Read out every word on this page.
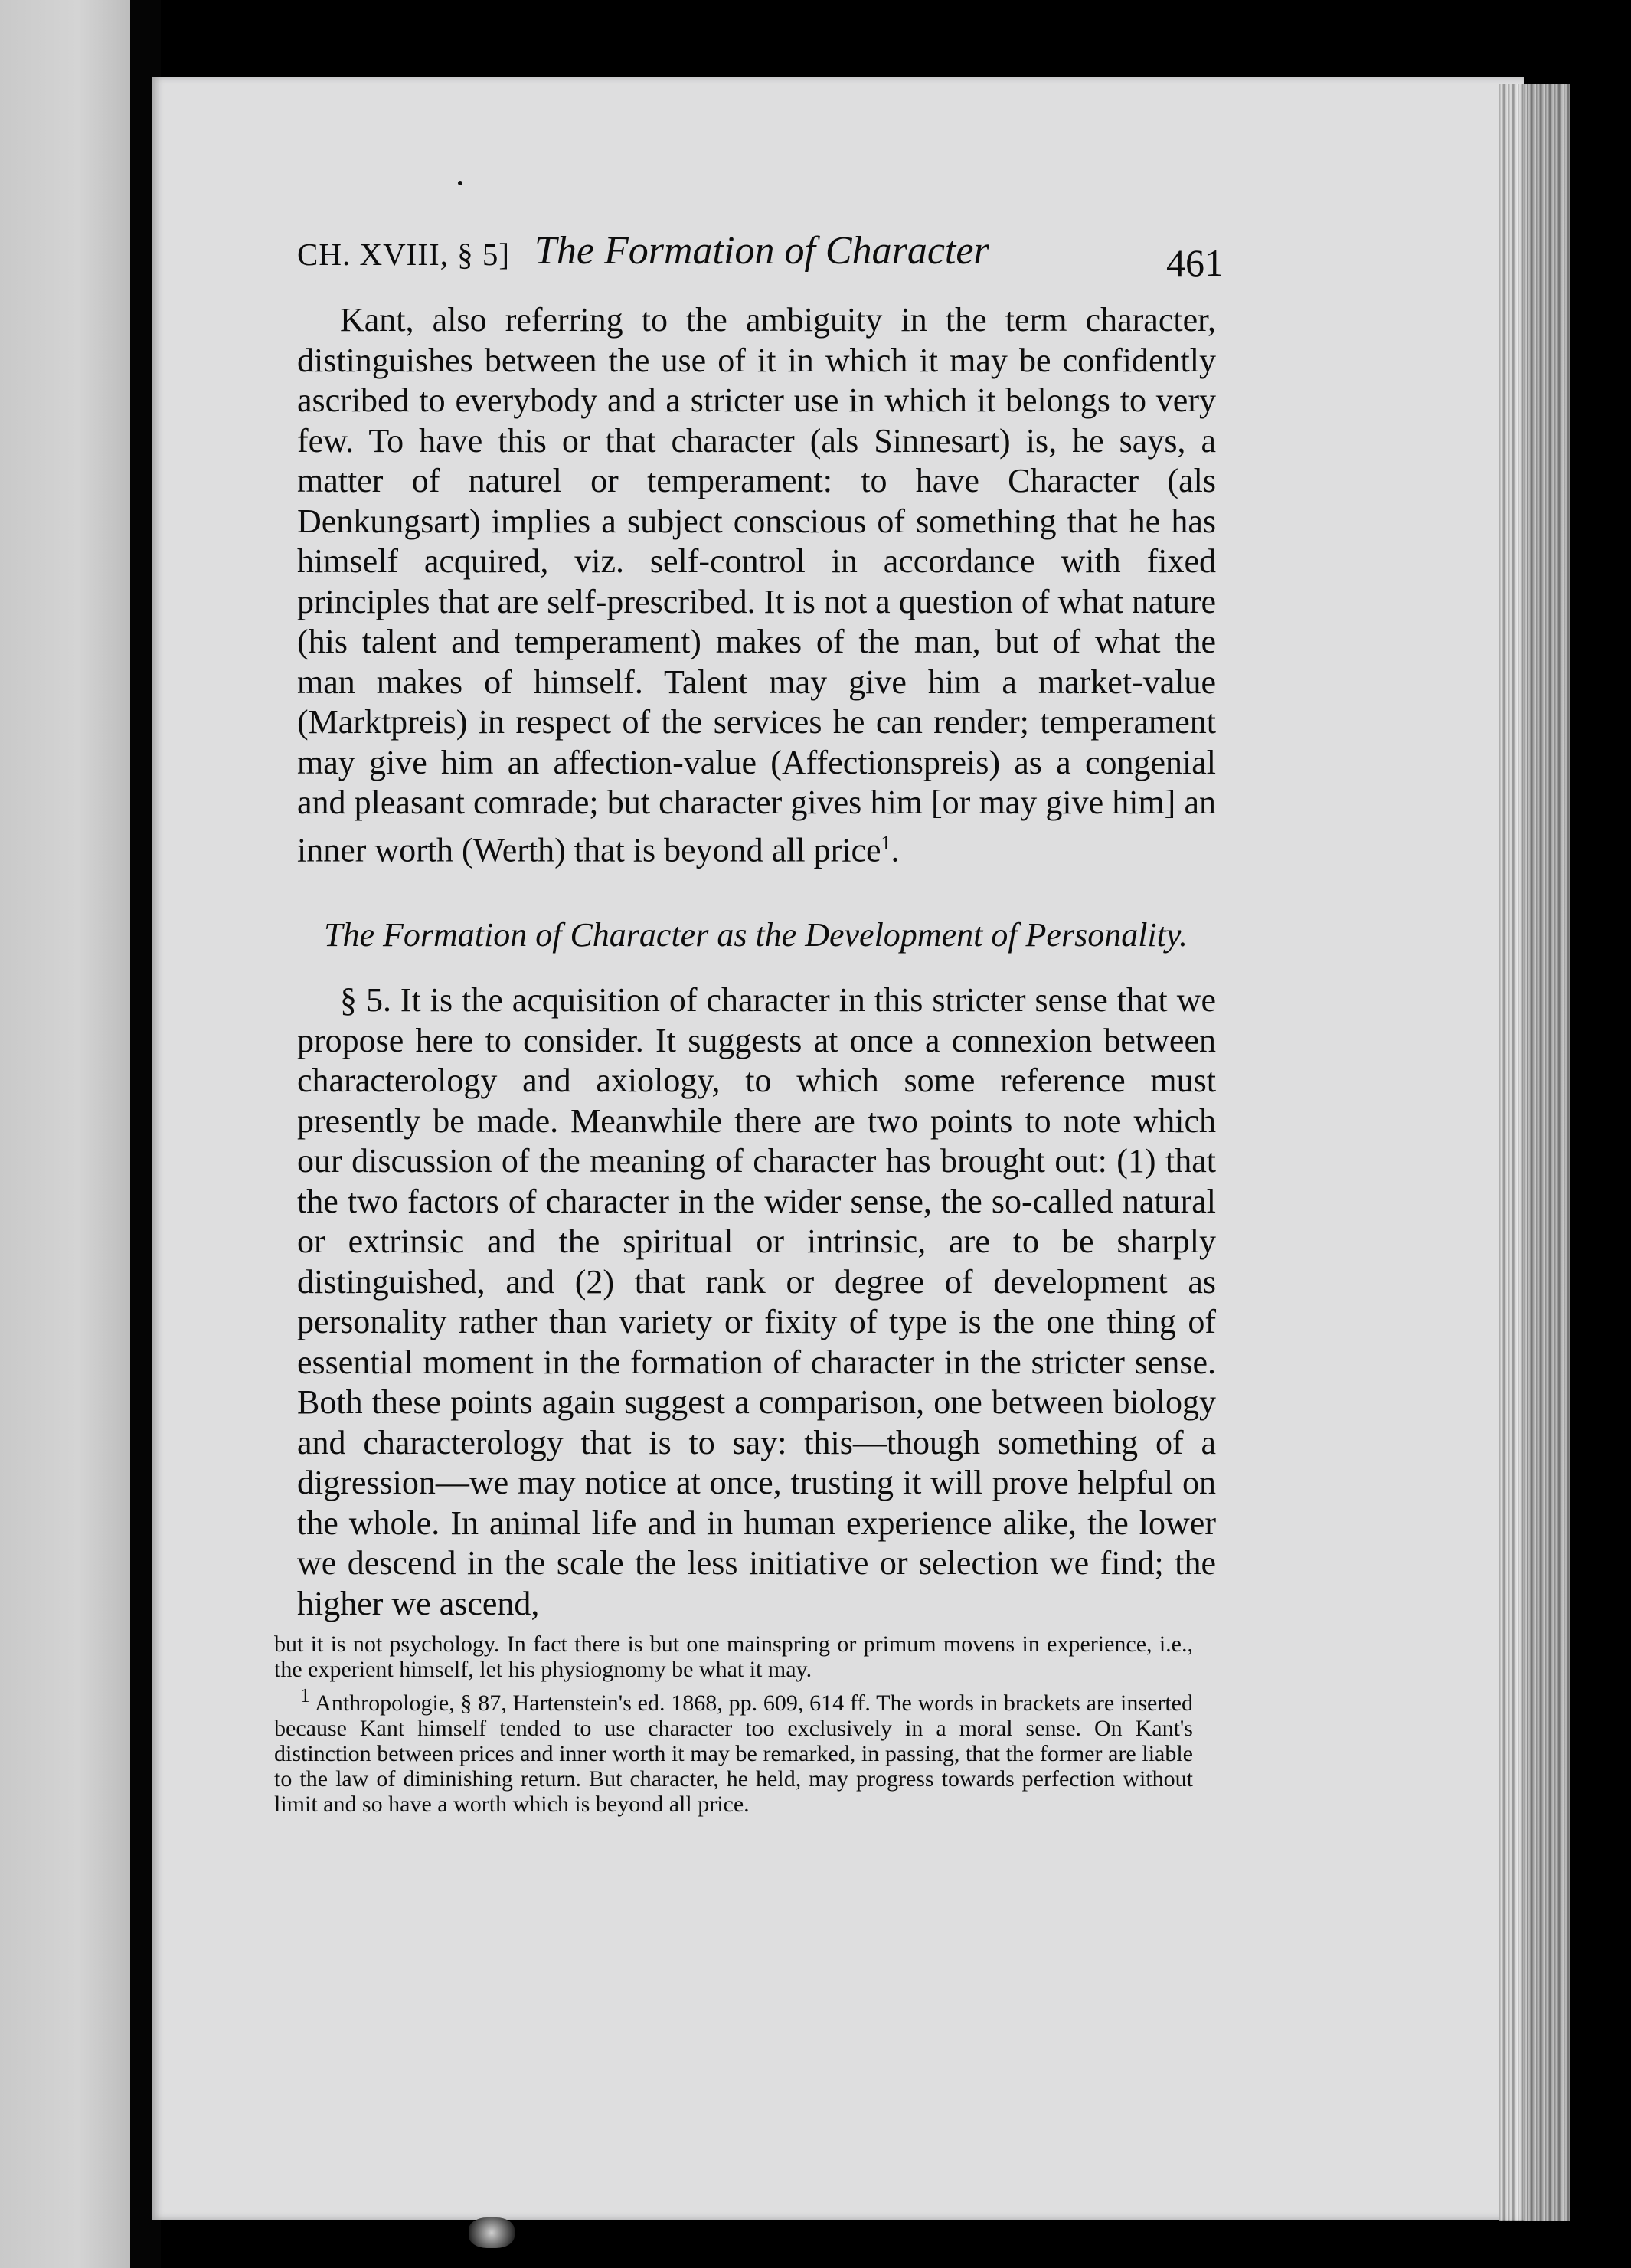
CH. XVIII, § 5] The Formation of Character	461

Kant, also referring to the ambiguity in the term character, distinguishes between the use of it in which it may be confidently ascribed to everybody and a stricter use in which it belongs to very few. To have this or that character (als Sinnesart) is, he says, a matter of naturel or temperament: to have Character (als Denkungsart) implies a subject conscious of something that he has himself acquired, viz. self-control in accordance with fixed principles that are self-prescribed. It is not a question of what nature (his talent and temperament) makes of the man, but of what the man makes of himself. Talent may give him a market-value (Marktpreis) in respect of the services he can render; temperament may give him an affection-value (Affectionspreis) as a congenial and pleasant comrade; but character gives him [or may give him] an inner worth (Werth) that is beyond all price$^1$.

The Formation of Character as the Development of Personality.

§ 5. It is the acquisition of character in this stricter sense that we propose here to consider. It suggests at once a connexion between characterology and axiology, to which some reference must presently be made. Meanwhile there are two points to note which our discussion of the meaning of character has brought out: (1) that the two factors of character in the wider sense, the so-called natural or extrinsic and the spiritual or intrinsic, are to be sharply distinguished, and (2) that rank or degree of development as personality rather than variety or fixity of type is the one thing of essential moment in the formation of character in the stricter sense. Both these points again suggest a comparison, one between biology and characterology that is to say: this—though something of a digression—we may notice at once, trusting it will prove helpful on the whole. In animal life and in human experience alike, the lower we descend in the scale the less initiative or selection we find; the higher we ascend,

but it is not psychology. In fact there is but one mainspring or primum movens in experience, i.e., the experient himself, let his physiognomy be what it may.

1 Anthropologie, § 87, Hartenstein's ed. 1868, pp. 609, 614 ff. The words in brackets are inserted because Kant himself tended to use character too exclusively in a moral sense. On Kant's distinction between prices and inner worth it may be remarked, in passing, that the former are liable to the law of diminishing return. But character, he held, may progress towards perfection without limit and so have a worth which is beyond all price.
